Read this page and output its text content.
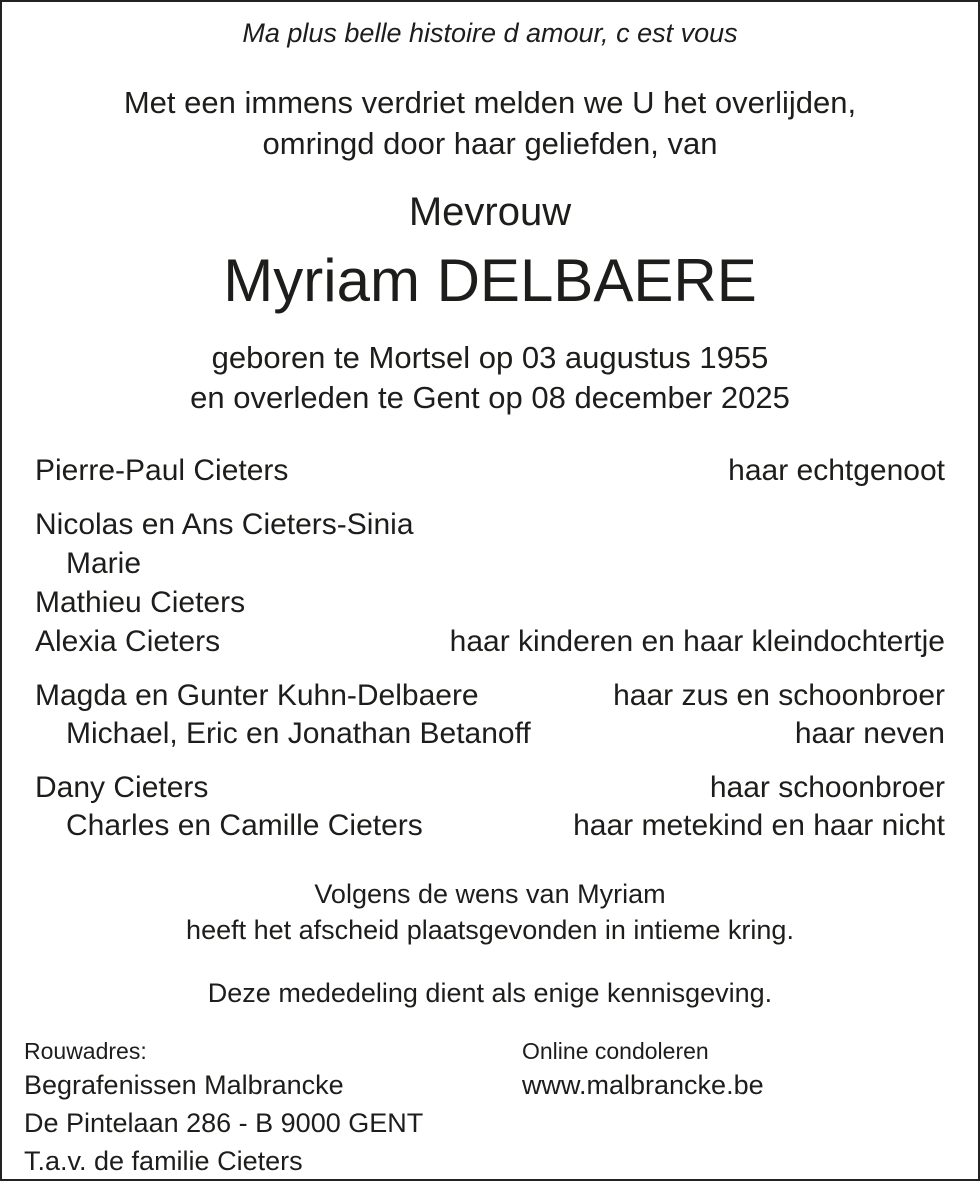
Ma plus belle histoire d amour, c est vous
Met een immens verdriet melden we U het overlijden,
omringd door haar geliefden, van
Mevrouw
Myriam DELBAERE
geboren te Mortsel op 03 augustus 1955
en overleden te Gent op 08 december 2025
Pierre-Paul Cieters	haar echtgenoot
Nicolas en Ans Cieters-Sinia
Marie
Mathieu Cieters
Alexia Cieters	haar kinderen en haar kleindochtertje
Magda en Gunter Kuhn-Delbaere	haar zus en schoonbroer
Michael, Eric en Jonathan Betanoff	haar neven
Dany Cieters	haar schoonbroer
Charles en Camille Cieters	haar metekind en haar nicht
Volgens de wens van Myriam
heeft het afscheid plaatsgevonden in intieme kring.
Deze mededeling dient als enige kennisgeving.
Rouwadres:
Begrafenissen Malbrancke
De Pintelaan 286 - B 9000 GENT
T.a.v. de familie Cieters
Online condoleren
www.malbrancke.be
